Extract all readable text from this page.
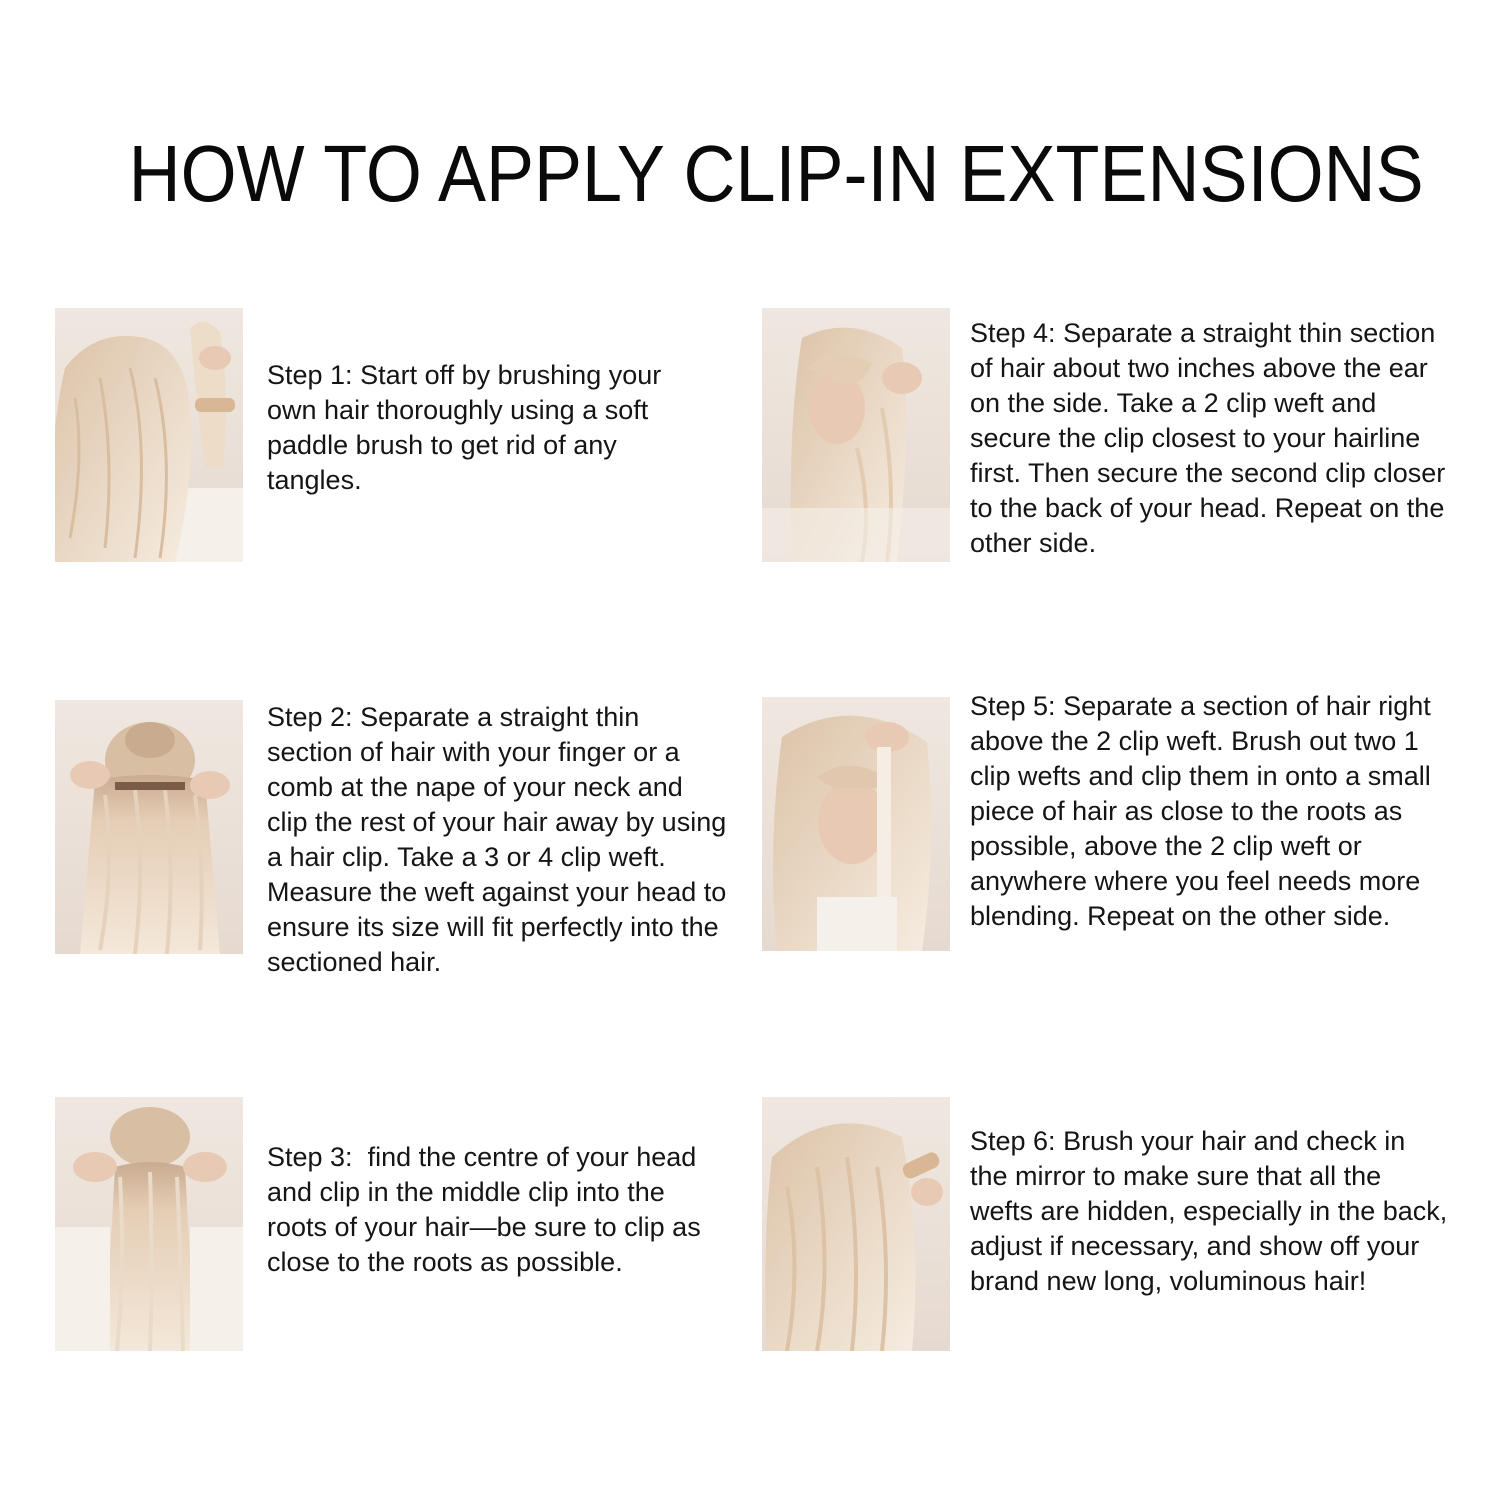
HOW TO APPLY CLIP-IN EXTENSIONS
Step 1: Start off by brushing your own hair thoroughly using a soft paddle brush to get rid of any tangles.
Step 2: Separate a straight thin section of hair with your finger or a comb at the nape of your neck and clip the rest of your hair away by using a hair clip. Take a 3 or 4 clip weft. Measure the weft against your head to ensure its size will fit perfectly into the sectioned hair.
Step 3:  find the centre of your head and clip in the middle clip into the roots of your hair—be sure to clip as close to the roots as possible.
Step 4: Separate a straight thin section of hair about two inches above the ear on the side. Take a 2 clip weft and secure the clip closest to your hairline first. Then secure the second clip closer to the back of your head. Repeat on the other side.
Step 5: Separate a section of hair right above the 2 clip weft. Brush out two 1 clip wefts and clip them in onto a small piece of hair as close to the roots as possible, above the 2 clip weft or anywhere where you feel needs more blending. Repeat on the other side.
Step 6: Brush your hair and check in the mirror to make sure that all the wefts are hidden, especially in the back, adjust if necessary, and show off your brand new long, voluminous hair!
